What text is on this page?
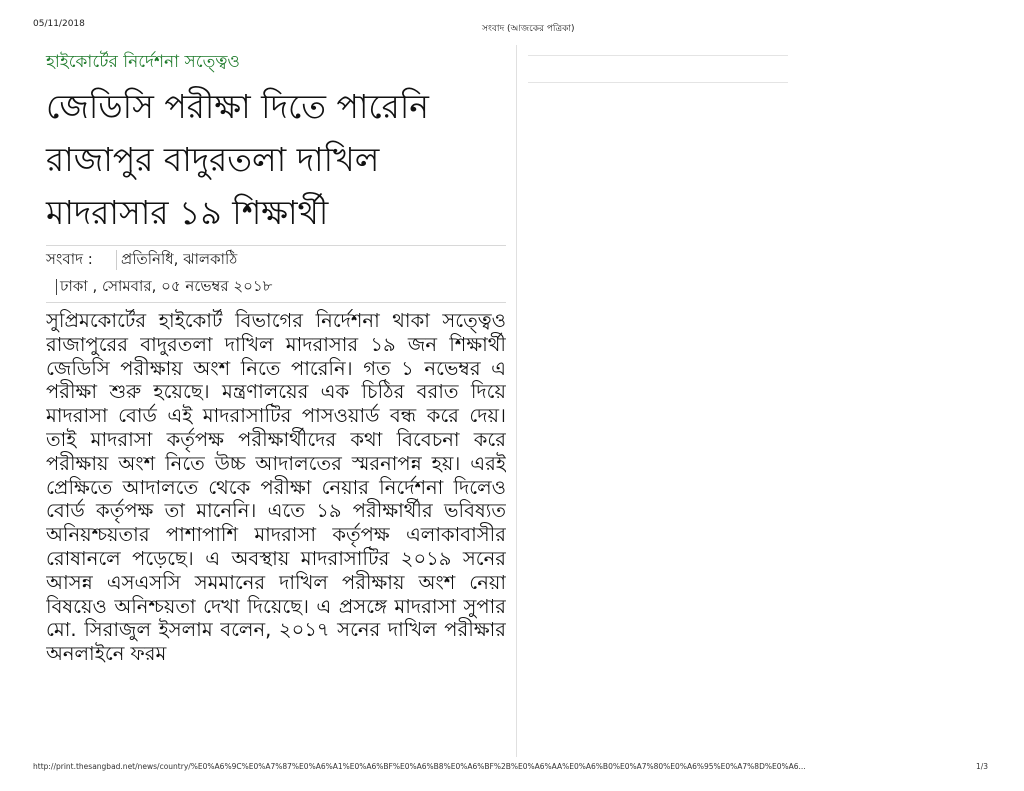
05/11/2018	সংবাদ (আজকের পত্রিকা)

হাইকোর্টের নির্দেশনা সত্ত্বেও

জেডিসি পরীক্ষা দিতে পারেনি
রাজাপুর বাদুরতলা দাখিল
মাদরাসার ১৯ শিক্ষার্থী
সংবাদ :	প্রতিনিধি, ঝালকাঠি
ঢাকা , সোমবার, ০৫ নভেম্বর ২০১৮

সুপ্রিমকোর্টের হাইকোর্ট বিভাগের নির্দেশনা থাকা সত্ত্বেও রাজাপুরের বাদুরতলা দাখিল মাদরাসার ১৯ জন শিক্ষার্থী জেডিসি পরীক্ষায় অংশ নিতে পারেনি। গত ১ নভেম্বর এ পরীক্ষা শুরু হয়েছে। মন্ত্রণালয়ের এক চিঠির বরাত দিয়ে মাদরাসা বোর্ড এই মাদরাসাটির পাসওয়ার্ড বন্ধ করে দেয়। তাই মাদরাসা কর্তৃপক্ষ পরীক্ষার্থীদের কথা বিবেচনা করে পরীক্ষায় অংশ নিতে উচ্চ আদালতের স্মরনাপন্ন হয়। এরই প্রেক্ষিতে আদালতে থেকে পরীক্ষা নেয়ার নির্দেশনা দিলেও বোর্ড কর্তৃপক্ষ তা মানেনি। এতে ১৯ পরীক্ষার্থীর ভবিষ্যত অনিয়শ্চয়তার পাশাপাশি মাদরাসা কর্তৃপক্ষ এলাকাবাসীর রোষানলে পড়েছে। এ অবস্থায় মাদরাসাটির ২০১৯ সনের আসন্ন এসএসসি সমমানের দাখিল পরীক্ষায় অংশ নেয়া বিষয়েও অনিশ্চয়তা দেখা দিয়েছে। এ প্রসঙ্গে মাদরাসা সুপার মো. সিরাজুল ইসলাম বলেন, ২০১৭ সনের দাখিল পরীক্ষার অনলাইনে ফরম

http://print.thesangbad.net/news/country/%E0%A6%9C%E0%A7%87%E0%A6%A1%E0%A6%BF%E0%A6%B8%E0%A6%BF%2B%E0%A6%AA%E0%A6%B0%E0%A7%80%E0%A6%95%E0%A7%8D%E0%A6...	1/3
